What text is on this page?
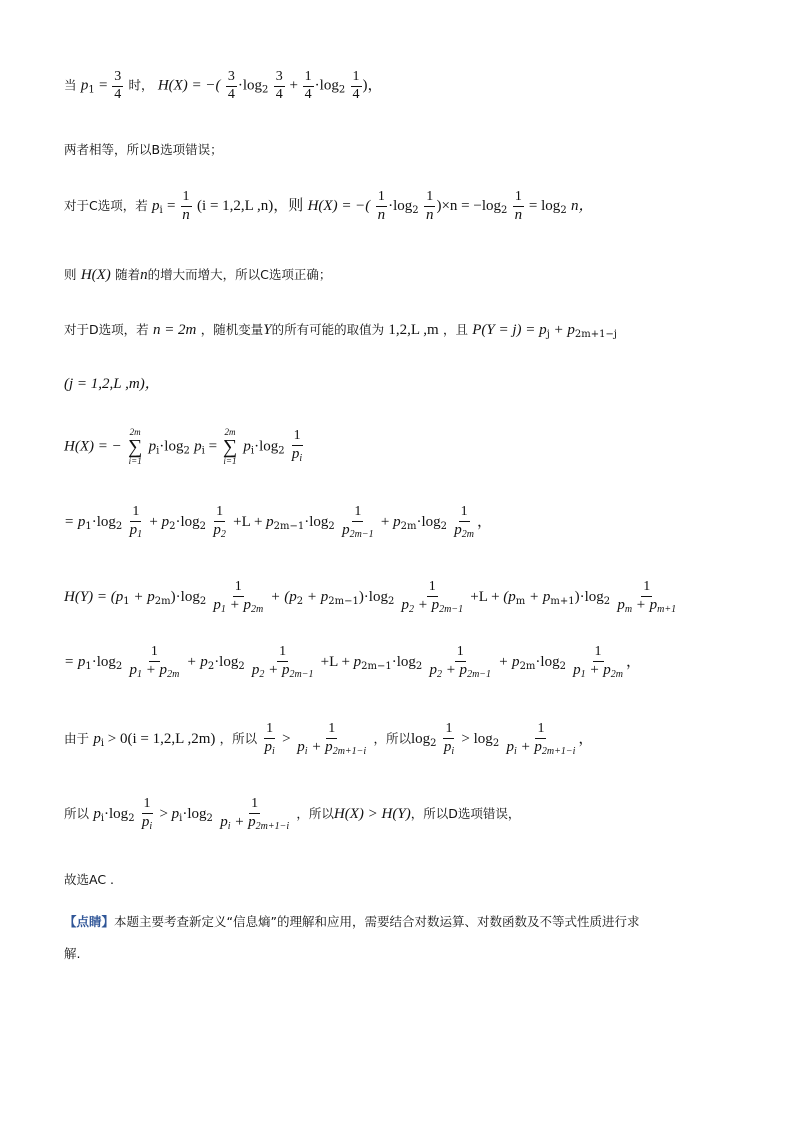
当 $p_1 = \frac{3}{4}$ 时， H(X) = −( $\frac{3}{4} \cdot\log_2 \frac{3}{4} + \frac{1}{4} \cdot\log_2 \frac{1}{4}$ )，
两者相等，所以B选项错误；
对于C选项，若 $p_i = \frac{1}{n} (i = 1,2,L$ ,n)，则 H(X) = −( $\frac{1}{n} \cdot\log_2 \frac{1}{n} )\times n = -\log_2 \frac{1}{n} = \log_2 n$，
则 H(X) 随着n的增大而增大，所以C选项正确；
对于D选项，若 n = 2m ，随机变量Y的所有可能的取值为 1,2,L ,m ，且 $P(Y = j) = p_j + p_{2m+1-j}$
(j = 1,2,L ,m)，
H(X) = −
2m
∑
i=1
$p_i\cdot\log_2$ $p_i$ =
2m
∑
i=1
$p_i\cdot\log_2 \frac{1}{p_i}$
= $p_1\cdot\log_2 \frac{1}{p_1} + p_2\cdot\log_2 \frac{1}{p_2} +L + p_{2m-1}\cdot\log_2 \frac{1}{p_{2m-1}} + p_{2m}\cdot\log_2 \frac{1}{p_{2m}}$ ，
$H(Y) = (p_1 + p_{2m})\cdot\log_2 \frac{1}{p_1 + p_{2m}} + (p_2 + p_{2m-1})\cdot\log_2 \frac{1}{p_2 + p_{2m-1}} +L + (p_m + p_{m+1})\cdot\log_2 \frac{1}{p_m + p_{m+1}}$
= $p_1\cdot\log_2 \frac{1}{p_1 + p_{2m}} + p_2\cdot\log_2 \frac{1}{p_2 + p_{2m-1}} +L + p_{2m-1}\cdot\log_2 \frac{1}{p_2 + p_{2m-1}} + p_{2m}\cdot\log_2 \frac{1}{p_1 + p_{2m}}$ ，
由于 $p_i > 0(i = 1,2,L$ ,2m) ，所以 $\frac{1}{p_i} > \frac{1}{p_i + p_{2m+1-i}}$ ，所以$\log_2 \frac{1}{p_i} > \log_2 \frac{1}{p_i + p_{2m+1-i}}$ ，
所以 $p_i\cdot\log_2 \frac{1}{p_i} > p_i\cdot\log_2 \frac{1}{p_i + p_{2m+1-i}}$ ，所以H(X) > H(Y)，所以D选项错误，
故选AC .
【点睛】本题主要考查新定义“信息熵”的理解和应用，需要结合对数运算、对数函数及不等式性质进行求
解.
